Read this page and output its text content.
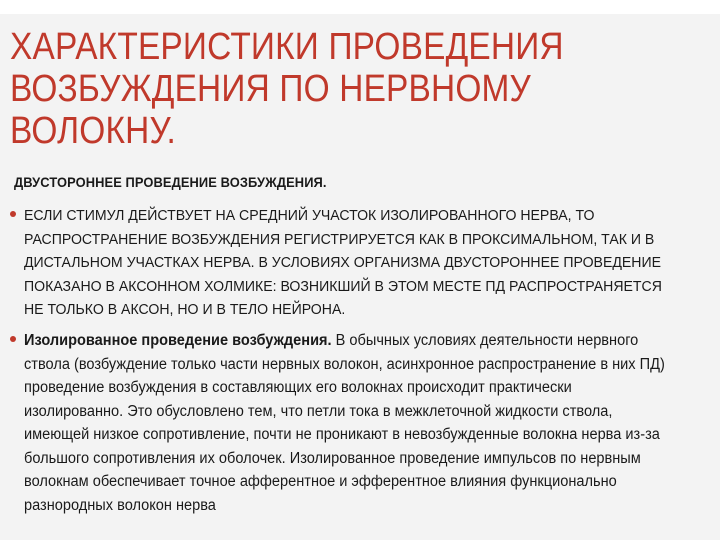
ХАРАКТЕРИСТИКИ ПРОВЕДЕНИЯ ВОЗБУЖДЕНИЯ ПО НЕРВНОМУ ВОЛОКНУ.
ДВУСТОРОННЕЕ ПРОВЕДЕНИЕ ВОЗБУЖДЕНИЯ.
ЕСЛИ СТИМУЛ ДЕЙСТВУЕТ НА СРЕДНИЙ УЧАСТОК ИЗОЛИРОВАННОГО НЕРВА, ТО РАСПРОСТРАНЕНИЕ ВОЗБУЖДЕНИЯ РЕГИСТРИРУЕТСЯ КАК В ПРОКСИМАЛЬНОМ, ТАК И В ДИСТАЛЬНОМ УЧАСТКАХ НЕРВА. В УСЛОВИЯХ ОРГАНИЗМА ДВУСТОРОННЕЕ ПРОВЕДЕНИЕ ПОКАЗАНО В АКСОННОМ ХОЛМИКЕ: ВОЗНИКШИЙ В ЭТОМ МЕСТЕ ПД РАСПРОСТРАНЯЕТСЯ НЕ ТОЛЬКО В АКСОН, НО И В ТЕЛО НЕЙРОНА.
Изолированное проведение возбуждения. В обычных условиях деятельности нервного ствола (возбуждение только части нервных волокон, асинхронное распространение в них ПД) проведение возбуждения в составляющих его волокнах происходит практически изолированно. Это обусловлено тем, что петли тока в межклеточной жидкости ствола, имеющей низкое сопротивление, почти не проникают в невозбужденные волокна нерва из-за большого сопротивления их оболочек. Изолированное проведение импульсов по нервным волокнам обеспечивает точное афферентное и эфферентное влияния функционально разнородных волокон нерва
